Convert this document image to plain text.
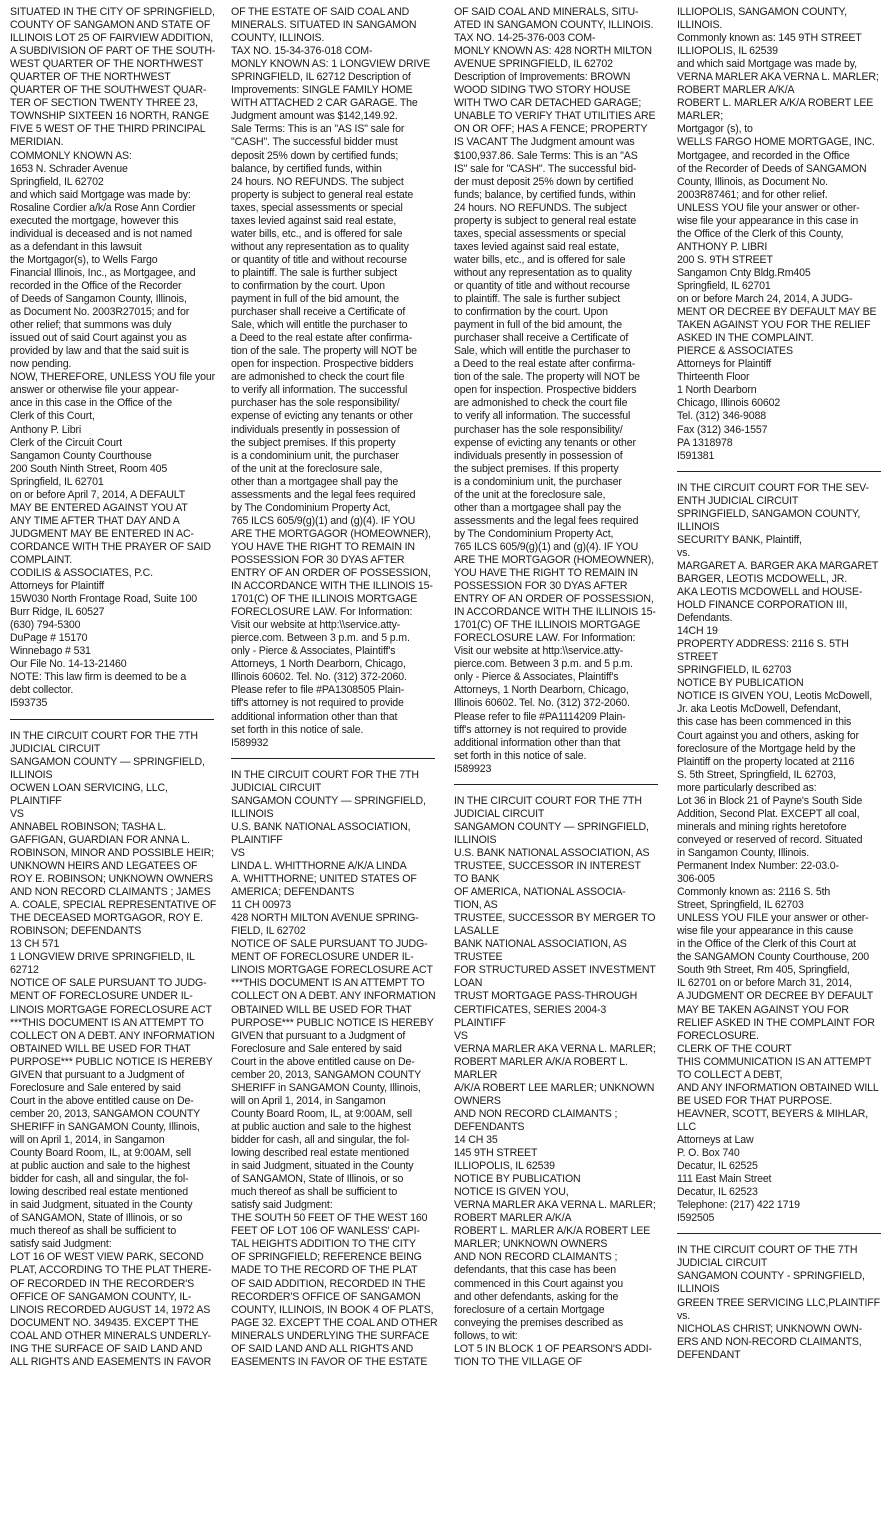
SITUATED IN THE CITY OF SPRINGFIELD,
COUNTY OF SANGAMON AND STATE OF
ILLINOIS LOT 25 OF FAIRVIEW ADDITION,
A SUBDIVISION OF PART OF THE SOUTH-
WEST QUARTER OF THE NORTHWEST
QUARTER OF THE NORTHWEST
QUARTER OF THE SOUTHWEST QUAR-
TER OF SECTION TWENTY THREE 23,
TOWNSHIP SIXTEEN 16 NORTH, RANGE
FIVE 5 WEST OF THE THIRD PRINCIPAL
MERIDIAN.
COMMONLY KNOWN AS:
1653 N. Schrader Avenue
Springfield, IL 62702
and which said Mortgage was made by:
Rosaline Cordier a/k/a Rose Ann Cordier
executed the mortgage, however this
individual is deceased and is not named
as a defendant in this lawsuit
the Mortgagor(s), to Wells Fargo
Financial Illinois, Inc., as Mortgagee, and
recorded in the Office of the Recorder
of Deeds of Sangamon County, Illinois,
as Document No. 2003R27015; and for
other relief; that summons was duly
issued out of said Court against you as
provided by law and that the said suit is
now pending.
NOW, THEREFORE, UNLESS YOU file your
answer or otherwise file your appear-
ance in this case in the Office of the
Clerk of this Court,
Anthony P. Libri
Clerk of the Circuit Court
Sangamon County Courthouse
200 South Ninth Street, Room 405
Springfield, IL 62701
on or before April 7, 2014, A DEFAULT
MAY BE ENTERED AGAINST YOU AT
ANY TIME AFTER THAT DAY AND A
JUDGMENT MAY BE ENTERED IN AC-
CORDANCE WITH THE PRAYER OF SAID
COMPLAINT.
CODILIS & ASSOCIATES, P.C.
Attorneys for Plaintiff
15W030 North Frontage Road, Suite 100
Burr Ridge, IL 60527
(630) 794-5300
DuPage # 15170
Winnebago # 531
Our File No. 14-13-21460
NOTE: This law firm is deemed to be a
debt collector.
I593735
IN THE CIRCUIT COURT FOR THE 7TH
JUDICIAL CIRCUIT
SANGAMON COUNTY — SPRINGFIELD,
ILLINOIS
OCWEN LOAN SERVICING, LLC,
PLAINTIFF
VS
ANNABEL ROBINSON; TASHA L.
GAFFIGAN, GUARDIAN FOR ANNA L.
ROBINSON, MINOR AND POSSIBLE HEIR;
UNKNOWN HEIRS AND LEGATEES OF
ROY E. ROBINSON; UNKNOWN OWNERS
AND NON RECORD CLAIMANTS ; JAMES
A. COALE, SPECIAL REPRESENTATIVE OF
THE DECEASED MORTGAGOR, ROY E.
ROBINSON; DEFENDANTS
13 CH 571
1 LONGVIEW DRIVE SPRINGFIELD, IL
62712
NOTICE OF SALE PURSUANT TO JUDG-
MENT OF FORECLOSURE UNDER IL-
LINOIS MORTGAGE FORECLOSURE ACT
***THIS DOCUMENT IS AN ATTEMPT TO
COLLECT ON A DEBT. ANY INFORMATION
OBTAINED WILL BE USED FOR THAT
PURPOSE*** PUBLIC NOTICE IS HEREBY
GIVEN that pursuant to a Judgment of
Foreclosure and Sale entered by said
Court in the above entitled cause on De-
cember 20, 2013, SANGAMON COUNTY
SHERIFF in SANGAMON County, Illinois,
will on April 1, 2014, in Sangamon
County Board Room, IL, at 9:00AM, sell
at public auction and sale to the highest
bidder for cash, all and singular, the fol-
lowing described real estate mentioned
in said Judgment, situated in the County
of SANGAMON, State of Illinois, or so
much thereof as shall be sufficient to
satisfy said Judgment:
LOT 16 OF WEST VIEW PARK, SECOND
PLAT, ACCORDING TO THE PLAT THERE-
OF RECORDED IN THE RECORDER'S
OFFICE OF SANGAMON COUNTY, IL-
LINOIS RECORDED AUGUST 14, 1972 AS
DOCUMENT NO. 349435. EXCEPT THE
COAL AND OTHER MINERALS UNDERLY-
ING THE SURFACE OF SAID LAND AND
ALL RIGHTS AND EASEMENTS IN FAVOR
OF THE ESTATE OF SAID COAL AND
MINERALS. SITUATED IN SANGAMON
COUNTY, ILLINOIS.
TAX NO. 15-34-376-018 COM-
MONLY KNOWN AS: 1 LONGVIEW DRIVE
SPRINGFIELD, IL 62712 Description of
Improvements: SINGLE FAMILY HOME
WITH ATTACHED 2 CAR GARAGE. The
Judgment amount was $142,149.92.
Sale Terms: This is an "AS IS" sale for
"CASH". The successful bidder must
deposit 25% down by certified funds;
balance, by certified funds, within
24 hours. NO REFUNDS. The subject
property is subject to general real estate
taxes, special assessments or special
taxes levied against said real estate,
water bills, etc., and is offered for sale
without any representation as to quality
or quantity of title and without recourse
to plaintiff. The sale is further subject
to confirmation by the court. Upon
payment in full of the bid amount, the
purchaser shall receive a Certificate of
Sale, which will entitle the purchaser to
a Deed to the real estate after confirma-
tion of the sale. The property will NOT be
open for inspection. Prospective bidders
are admonished to check the court file
to verify all information. The successful
purchaser has the sole responsibility/
expense of evicting any tenants or other
individuals presently in possession of
the subject premises. If this property
is a condominium unit, the purchaser
of the unit at the foreclosure sale,
other than a mortgagee shall pay the
assessments and the legal fees required
by The Condominium Property Act,
765 ILCS 605/9(g)(1) and (g)(4). IF YOU
ARE THE MORTGAGOR (HOMEOWNER),
YOU HAVE THE RIGHT TO REMAIN IN
POSSESSION FOR 30 DYAS AFTER
ENTRY OF AN ORDER OF POSSESSION,
IN ACCORDANCE WITH THE ILLINOIS 15-
1701(C) OF THE ILLINOIS MORTGAGE
FORECLOSURE LAW. For Information:
Visit our website at http:\\service.atty-
pierce.com. Between 3 p.m. and 5 p.m.
only - Pierce & Associates, Plaintiff's
Attorneys, 1 North Dearborn, Chicago,
Illinois 60602. Tel. No. (312) 372-2060.
Please refer to file #PA1308505 Plain-
tiff's attorney is not required to provide
additional information other than that
set forth in this notice of sale.
I589932
IN THE CIRCUIT COURT FOR THE 7TH
JUDICIAL CIRCUIT
SANGAMON COUNTY — SPRINGFIELD,
ILLINOIS
U.S. BANK NATIONAL ASSOCIATION,
PLAINTIFF
VS
LINDA L. WHITTHORNE A/K/A LINDA
A. WHITTHORNE; UNITED STATES OF
AMERICA; DEFENDANTS
11 CH 00973
428 NORTH MILTON AVENUE SPRING-
FIELD, IL 62702
NOTICE OF SALE PURSUANT TO JUDG-
MENT OF FORECLOSURE UNDER IL-
LINOIS MORTGAGE FORECLOSURE ACT
***THIS DOCUMENT IS AN ATTEMPT TO
COLLECT ON A DEBT. ANY INFORMATION
OBTAINED WILL BE USED FOR THAT
PURPOSE*** PUBLIC NOTICE IS HEREBY
GIVEN that pursuant to a Judgment of
Foreclosure and Sale entered by said
Court in the above entitled cause on De-
cember 20, 2013, SANGAMON COUNTY
SHERIFF in SANGAMON County, Illinois,
will on April 1, 2014, in Sangamon
County Board Room, IL, at 9:00AM, sell
at public auction and sale to the highest
bidder for cash, all and singular, the fol-
lowing described real estate mentioned
in said Judgment, situated in the County
of SANGAMON, State of Illinois, or so
much thereof as shall be sufficient to
satisfy said Judgment:
THE SOUTH 50 FEET OF THE WEST 160
FEET OF LOT 106 OF WANLESS' CAPI-
TAL HEIGHTS ADDITION TO THE CITY
OF SPRINGFIELD; REFERENCE BEING
MADE TO THE RECORD OF THE PLAT
OF SAID ADDITION, RECORDED IN THE
RECORDER'S OFFICE OF SANGAMON
COUNTY, ILLINOIS, IN BOOK 4 OF PLATS,
PAGE 32. EXCEPT THE COAL AND OTHER
MINERALS UNDERLYING THE SURFACE
OF SAID LAND AND ALL RIGHTS AND
EASEMENTS IN FAVOR OF THE ESTATE
OF SAID COAL AND MINERALS, SITU-
ATED IN SANGAMON COUNTY, ILLINOIS.
TAX NO. 14-25-376-003 COM-
MONLY KNOWN AS: 428 NORTH MILTON
AVENUE SPRINGFIELD, IL 62702
Description of Improvements: BROWN
WOOD SIDING TWO STORY HOUSE
WITH TWO CAR DETACHED GARAGE;
UNABLE TO VERIFY THAT UTILITIES ARE
ON OR OFF; HAS A FENCE; PROPERTY
IS VACANT The Judgment amount was
$100,937.86. Sale Terms: This is an "AS
IS" sale for "CASH". The successful bid-
der must deposit 25% down by certified
funds; balance, by certified funds, within
24 hours. NO REFUNDS. The subject
property is subject to general real estate
taxes, special assessments or special
taxes levied against said real estate,
water bills, etc., and is offered for sale
without any representation as to quality
or quantity of title and without recourse
to plaintiff. The sale is further subject
to confirmation by the court. Upon
payment in full of the bid amount, the
purchaser shall receive a Certificate of
Sale, which will entitle the purchaser to
a Deed to the real estate after confirma-
tion of the sale. The property will NOT be
open for inspection. Prospective bidders
are admonished to check the court file
to verify all information. The successful
purchaser has the sole responsibility/
expense of evicting any tenants or other
individuals presently in possession of
the subject premises. If this property
is a condominium unit, the purchaser
of the unit at the foreclosure sale,
other than a mortgagee shall pay the
assessments and the legal fees required
by The Condominium Property Act,
765 ILCS 605/9(g)(1) and (g)(4). IF YOU
ARE THE MORTGAGOR (HOMEOWNER),
YOU HAVE THE RIGHT TO REMAIN IN
POSSESSION FOR 30 DYAS AFTER
ENTRY OF AN ORDER OF POSSESSION,
IN ACCORDANCE WITH THE ILLINOIS 15-
1701(C) OF THE ILLINOIS MORTGAGE
FORECLOSURE LAW. For Information:
Visit our website at http:\\service.atty-
pierce.com. Between 3 p.m. and 5 p.m.
only - Pierce & Associates, Plaintiff's
Attorneys, 1 North Dearborn, Chicago,
Illinois 60602. Tel. No. (312) 372-2060.
Please refer to file #PA1114209 Plain-
tiff's attorney is not required to provide
additional information other than that
set forth in this notice of sale.
I589923
IN THE CIRCUIT COURT FOR THE 7TH
JUDICIAL CIRCUIT
SANGAMON COUNTY — SPRINGFIELD,
ILLINOIS
U.S. BANK NATIONAL ASSOCIATION, AS
TRUSTEE, SUCCESSOR IN INTEREST
TO BANK
OF AMERICA, NATIONAL ASSOCIA-
TION, AS
TRUSTEE, SUCCESSOR BY MERGER TO
LASALLE
BANK NATIONAL ASSOCIATION, AS
TRUSTEE
FOR STRUCTURED ASSET INVESTMENT
LOAN
TRUST MORTGAGE PASS-THROUGH
CERTIFICATES, SERIES 2004-3
PLAINTIFF
VS
VERNA MARLER AKA VERNA L. MARLER;
ROBERT MARLER A/K/A ROBERT L.
MARLER
A/K/A ROBERT LEE MARLER; UNKNOWN
OWNERS
AND NON RECORD CLAIMANTS ;
DEFENDANTS
14 CH 35
145 9TH STREET
ILLIOPOLIS, IL 62539
NOTICE BY PUBLICATION
NOTICE IS GIVEN YOU,
VERNA MARLER AKA VERNA L. MARLER;
ROBERT MARLER A/K/A
ROBERT L. MARLER A/K/A ROBERT LEE
MARLER; UNKNOWN OWNERS
AND NON RECORD CLAIMANTS ;
defendants, that this case has been
commenced in this Court against you
and other defendants, asking for the
foreclosure of a certain Mortgage
conveying the premises described as
follows, to wit:
LOT 5 IN BLOCK 1 OF PEARSON'S ADDI-
TION TO THE VILLAGE OF
ILLIOPOLIS, SANGAMON COUNTY,
ILLINOIS.
Commonly known as: 145 9TH STREET
ILLIOPOLIS, IL 62539
and which said Mortgage was made by,
VERNA MARLER AKA VERNA L. MARLER;
ROBERT MARLER A/K/A
ROBERT L. MARLER A/K/A ROBERT LEE
MARLER;
Mortgagor (s), to
WELLS FARGO HOME MORTGAGE, INC.
Mortgagee, and recorded in the Office
of the Recorder of Deeds of SANGAMON
County, Illinois, as Document No.
2003R87461; and for other relief.
UNLESS YOU file your answer or other-
wise file your appearance in this case in
the Office of the Clerk of this County,
ANTHONY P. LIBRI
200 S. 9TH STREET
Sangamon Cnty Bldg.Rm405
Springfield, IL 62701
on or before March 24, 2014, A JUDG-
MENT OR DECREE BY DEFAULT MAY BE
TAKEN AGAINST YOU FOR THE RELIEF
ASKED IN THE COMPLAINT.
PIERCE & ASSOCIATES
Attorneys for Plaintiff
Thirteenth Floor
1 North Dearborn
Chicago, Illinois 60602
Tel. (312) 346-9088
Fax (312) 346-1557
PA 1318978
I591381
IN THE CIRCUIT COURT FOR THE SEV-
ENTH JUDICIAL CIRCUIT
SPRINGFIELD, SANGAMON COUNTY,
ILLINOIS
SECURITY BANK, Plaintiff,
vs.
MARGARET A. BARGER AKA MARGARET
BARGER, LEOTIS MCDOWELL, JR.
AKA LEOTIS MCDOWELL and HOUSE-
HOLD FINANCE CORPORATION III,
Defendants.
14CH 19
PROPERTY ADDRESS: 2116 S. 5TH
STREET
SPRINGFIELD, IL 62703
NOTICE BY PUBLICATION
NOTICE IS GIVEN YOU, Leotis McDowell,
Jr. aka Leotis McDowell, Defendant,
this case has been commenced in this
Court against you and others, asking for
foreclosure of the Mortgage held by the
Plaintiff on the property located at 2116
S. 5th Street, Springfield, IL 62703,
more particularly described as:
Lot 36 in Block 21 of Payne's South Side
Addition, Second Plat. EXCEPT all coal,
minerals and mining rights heretofore
conveyed or reserved of record. Situated
in Sangamon County, Illinois.
Permanent Index Number: 22-03.0-
306-005
Commonly known as: 2116 S. 5th
Street, Springfield, IL 62703
UNLESS YOU FILE your answer or other-
wise file your appearance in this cause
in the Office of the Clerk of this Court at
the SANGAMON County Courthouse, 200
South 9th Street, Rm 405, Springfield,
IL 62701 on or before March 31, 2014,
A JUDGMENT OR DECREE BY DEFAULT
MAY BE TAKEN AGAINST YOU FOR
RELIEF ASKED IN THE COMPLAINT FOR
FORECLOSURE.
CLERK OF THE COURT
THIS COMMUNICATION IS AN ATTEMPT
TO COLLECT A DEBT,
AND ANY INFORMATION OBTAINED WILL
BE USED FOR THAT PURPOSE.
HEAVNER, SCOTT, BEYERS & MIHLAR,
LLC
Attorneys at Law
P. O. Box 740
Decatur, IL 62525
111 East Main Street
Decatur, IL 62523
Telephone: (217) 422 1719
I592505
IN THE CIRCUIT COURT OF THE 7TH
JUDICIAL CIRCUIT
SANGAMON COUNTY - SPRINGFIELD,
ILLINOIS
GREEN TREE SERVICING LLC,PLAINTIFF
vs.
NICHOLAS CHRIST; UNKNOWN OWN-
ERS AND NON-RECORD CLAIMANTS,
DEFENDANT
